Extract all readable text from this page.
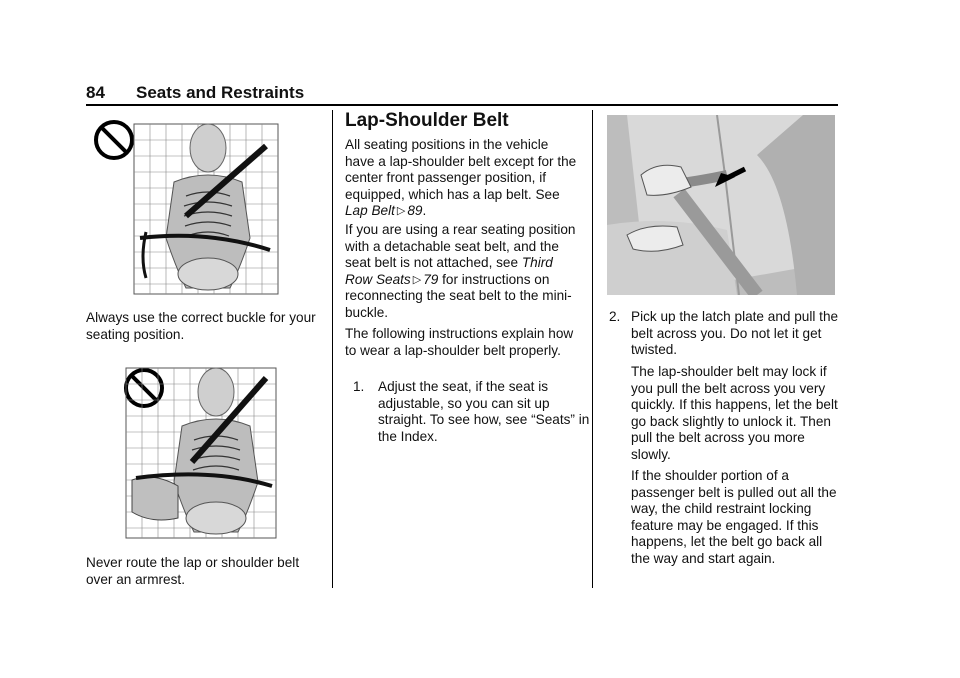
84 Seats and Restraints

Always use the correct buckle for your seating position.

Never route the lap or shoulder belt over an armrest.

Lap-Shoulder Belt

All seating positions in the vehicle have a lap-shoulder belt except for the center front passenger position, if equipped, which has a lap belt. See Lap Belt ▷ 89.

If you are using a rear seating position with a detachable seat belt, and the seat belt is not attached, see Third Row Seats ▷ 79 for instructions on reconnecting the seat belt to the mini-buckle.

The following instructions explain how to wear a lap-shoulder belt properly.

1. Adjust the seat, if the seat is adjustable, so you can sit up straight. To see how, see “Seats” in the Index.
2. Pick up the latch plate and pull the belt across you. Do not let it get twisted.

The lap-shoulder belt may lock if you pull the belt across you very quickly. If this happens, let the belt go back slightly to unlock it. Then pull the belt across you more slowly.

If the shoulder portion of a passenger belt is pulled out all the way, the child restraint locking feature may be engaged. If this happens, let the belt go back all the way and start again.
